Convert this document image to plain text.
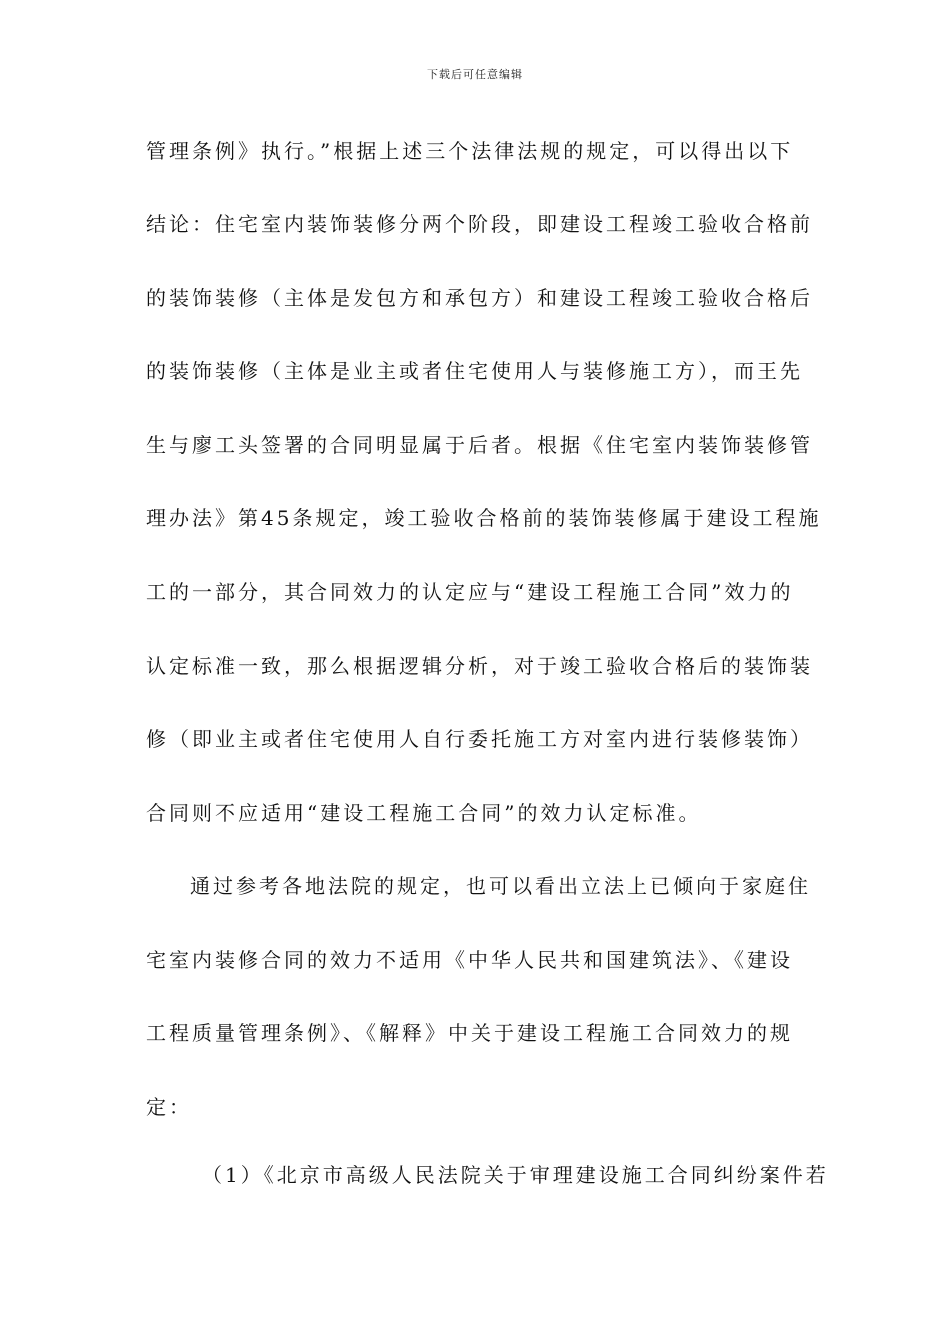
下载后可任意编辑
管理条例》执行。”根据上述三个法律法规的规定，可以得出以下
结论：住宅室内装饰装修分两个阶段，即建设工程竣工验收合格前
的装饰装修（主体是发包方和承包方）和建设工程竣工验收合格后
的装饰装修（主体是业主或者住宅使用人与装修施工方），而王先
生与廖工头签署的合同明显属于后者。根据《住宅室内装饰装修管
理办法》第45条规定，竣工验收合格前的装饰装修属于建设工程施
工的一部分，其合同效力的认定应与“建设工程施工合同”效力的
认定标准一致，那么根据逻辑分析，对于竣工验收合格后的装饰装
修（即业主或者住宅使用人自行委托施工方对室内进行装修装饰）
合同则不应适用“建设工程施工合同”的效力认定标准。
通过参考各地法院的规定，也可以看出立法上已倾向于家庭住
宅室内装修合同的效力不适用《中华人民共和国建筑法》、《建设
工程质量管理条例》、《解释》中关于建设工程施工合同效力的规
定：
（1）《北京市高级人民法院关于审理建设施工合同纠纷案件若
